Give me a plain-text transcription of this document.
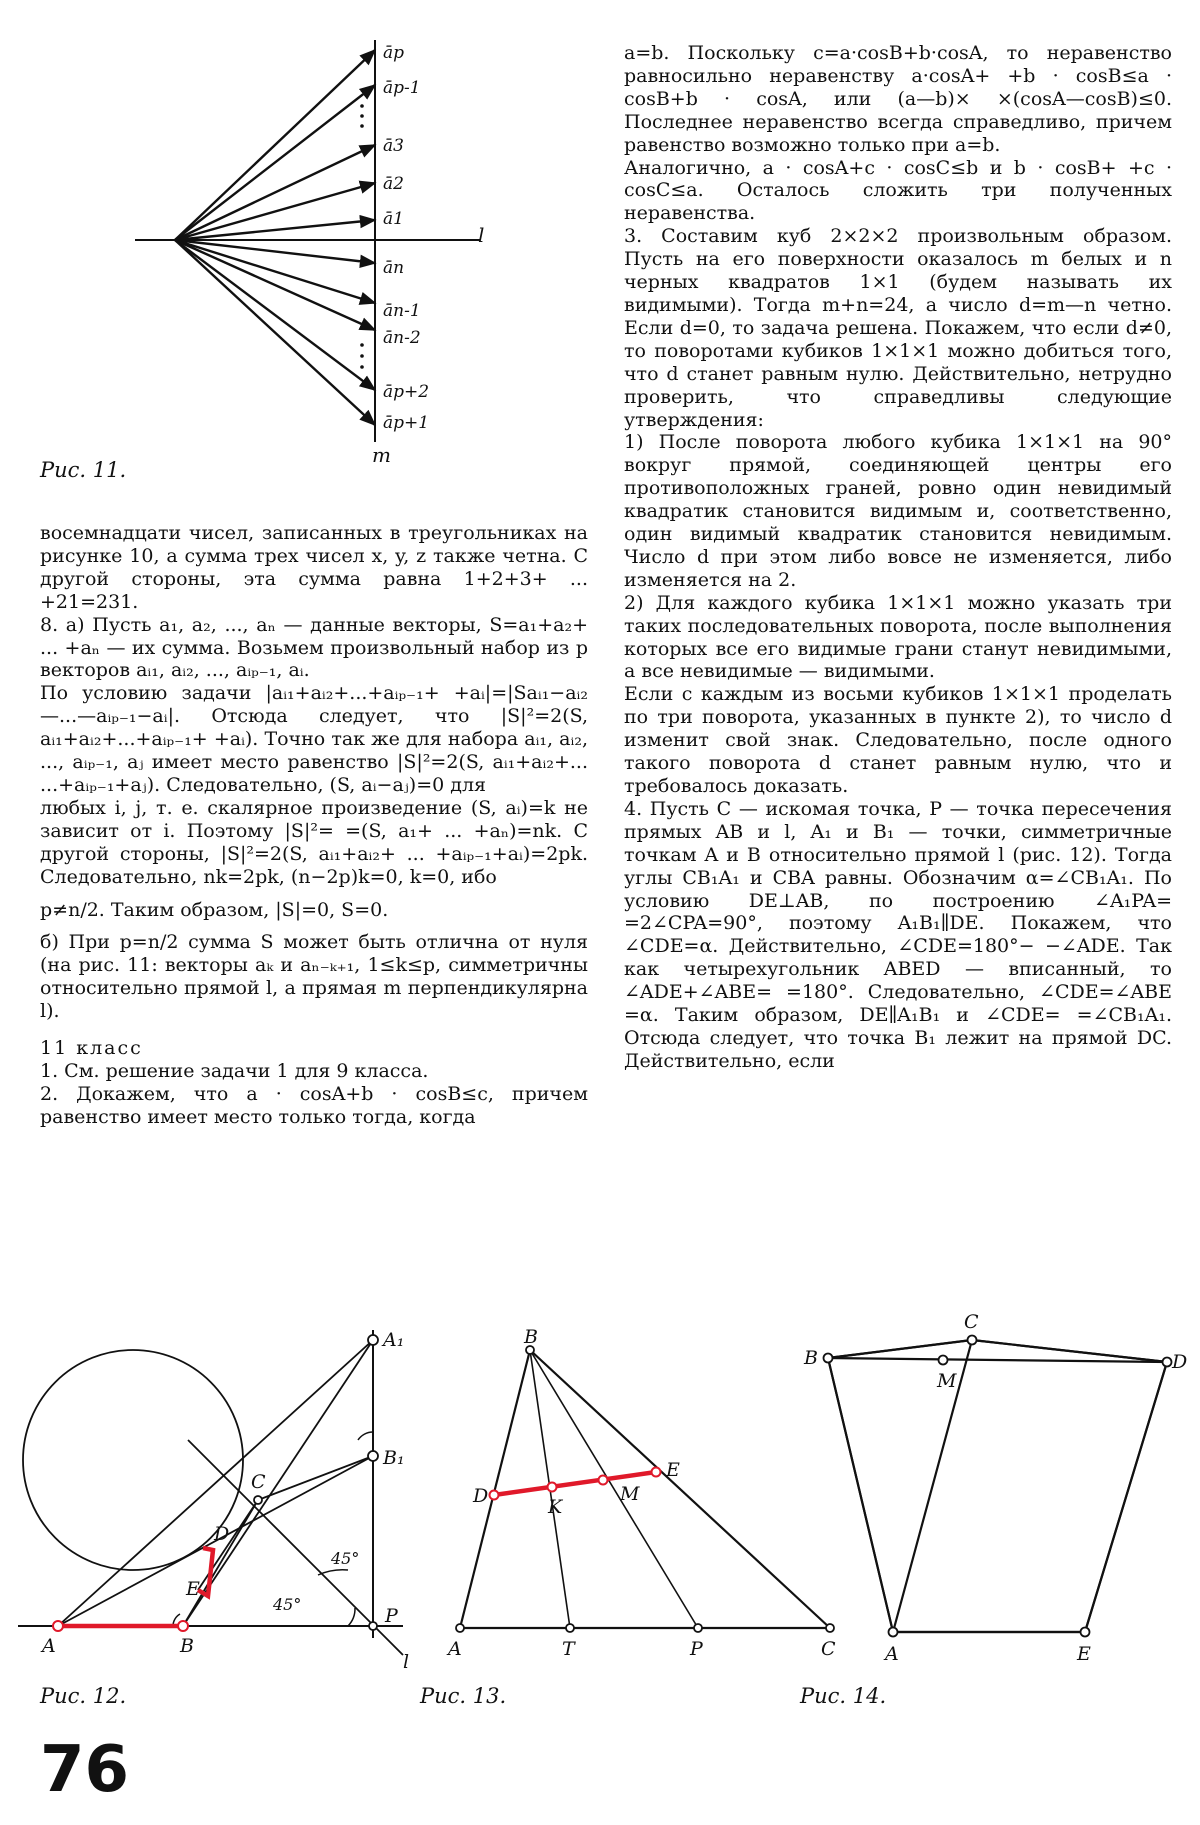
āp
āp-1
ā3
ā2
ā1
ān
ān-1
ān-2
āp+2
āp+1
l
m
Рис. 11.

восемнадцати чисел, записанных в треугольниках на рисунке 10, а сумма трех чисел x, y, z также четна. С другой стороны, эта сумма равна 1+2+3+ ... +21=231.

8. а) Пусть a₁, a₂, ..., aₙ — данные векторы, S=a₁+a₂+ ... +aₙ — их сумма. Возьмем произвольный набор из p векторов aᵢ₁, aᵢ₂, ..., aᵢₚ₋₁, aᵢ.

По условию задачи |aᵢ₁+aᵢ₂+...+aᵢₚ₋₁+ +aᵢ|=|Saᵢ₁−aᵢ₂—...—aᵢₚ₋₁−aᵢ|. Отсюда следует, что |S|²=2(S, aᵢ₁+aᵢ₂+...+aᵢₚ₋₁+ +aᵢ). Точно так же для набора aᵢ₁, aᵢ₂, ..., aᵢₚ₋₁, aⱼ имеет место равенство |S|²=2(S, aᵢ₁+aᵢ₂+... ...+aᵢₚ₋₁+aⱼ). Следовательно, (S, aᵢ−aⱼ)=0 для

любых i, j, т. е. скалярное произведение (S, aᵢ)=k не зависит от i. Поэтому |S|²= =(S, a₁+ ... +aₙ)=nk. С другой стороны, |S|²=2(S, aᵢ₁+aᵢ₂+ ... +aᵢₚ₋₁+aᵢ)=2pk. Следовательно, nk=2pk, (n−2p)k=0, k=0, ибо

p≠n/2. Таким образом, |S|=0, S=0.

б) При p=n/2 сумма S может быть отлична от нуля (на рис. 11: векторы aₖ и aₙ₋ₖ₊₁, 1≤k≤p, симметричны относительно прямой l, а прямая m перпендикулярна l).

11 класс

1. См. решение задачи 1 для 9 класса.

2. Докажем, что a · cosA+b · cosB≤c, причем равенство имеет место только тогда, когда

a=b. Поскольку c=a·cosB+b·cosA, то неравенство равносильно неравенству a·cosA+ +b · cosB≤a · cosB+b · cosA, или (a—b)× ×(cosA—cosB)≤0. Последнее неравенство всегда справедливо, причем равенство возможно только при a=b.

Аналогично, a · cosA+c · cosC≤b и b · cosB+ +c · cosC≤a. Осталось сложить три полученных неравенства.

3. Составим куб 2×2×2 произвольным образом. Пусть на его поверхности оказалось m белых и n черных квадратов 1×1 (будем называть их видимыми). Тогда m+n=24, а число d=m—n четно. Если d=0, то задача решена. Покажем, что если d≠0, то поворотами кубиков 1×1×1 можно добиться того, что d станет равным нулю. Действительно, нетрудно проверить, что справедливы следующие утверждения:

1) После поворота любого кубика 1×1×1 на 90° вокруг прямой, соединяющей центры его противоположных граней, ровно один невидимый квадратик становится видимым и, соответственно, один видимый квадратик становится невидимым. Число d при этом либо вовсе не изменяется, либо изменяется на 2.

2) Для каждого кубика 1×1×1 можно указать три таких последовательных поворота, после выполнения которых все его видимые грани станут невидимыми, а все невидимые — видимыми.

Если с каждым из восьми кубиков 1×1×1 проделать по три поворота, указанных в пункте 2), то число d изменит свой знак. Следовательно, после одного такого поворота d станет равным нулю, что и требовалось доказать.

4. Пусть C — искомая точка, P — точка пересечения прямых AB и l, A₁ и B₁ — точки, симметричные точкам A и B относительно прямой l (рис. 12). Тогда углы CB₁A₁ и CBA равны. Обозначим α=∠CB₁A₁. По условию DE⊥AB, по построению ∠A₁PA= =2∠CPA=90°, поэтому A₁B₁∥DE. Покажем, что ∠CDE=α. Действительно, ∠CDE=180°− −∠ADE. Так как четырехугольник ABED — вписанный, то ∠ADE+∠ABE= =180°. Следовательно, ∠CDE=∠ABE =α. Таким образом, DE∥A₁B₁ и ∠CDE= =∠CB₁A₁. Отсюда следует, что точка B₁ лежит на прямой DC. Действительно, если

A₁
B₁
C
D
E
A	B
P
l
45°
45°
Рис. 12.
B
D	K
M
E
A	T	P	C
Рис. 13.
C
B
M
D
A	E
Рис. 14.
76
